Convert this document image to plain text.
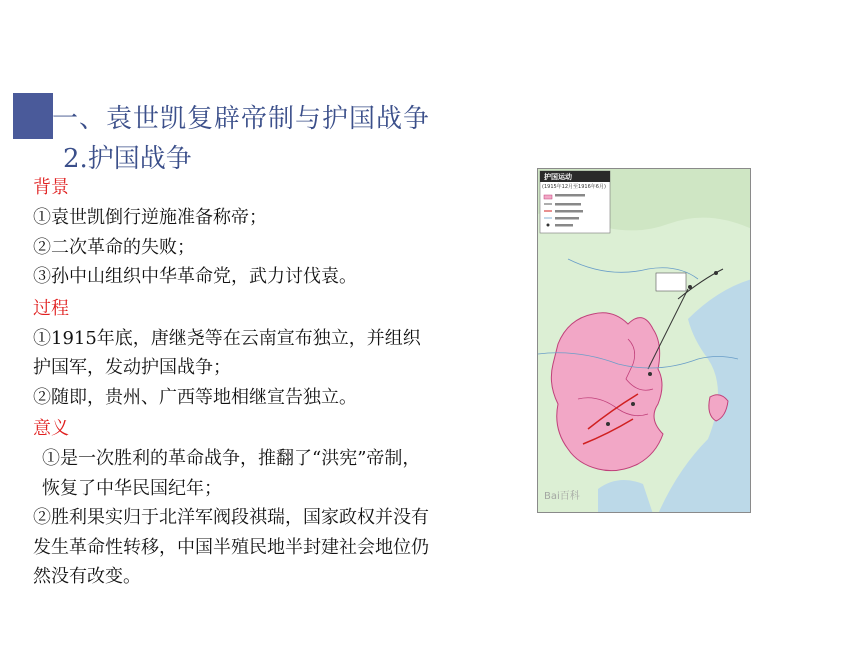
一、袁世凯复辟帝制与护国战争
2.护国战争

背景

①袁世凯倒行逆施准备称帝；

②二次革命的失败；

③孙中山组织中华革命党，武力讨伐袁。

过程

①1915年底，唐继尧等在云南宣布独立，并组织护国军，发动护国战争；

②随即，贵州、广西等地相继宣告独立。

意义

①是一次胜利的革命战争，推翻了“洪宪”帝制，恢复了中华民国纪年；

②胜利果实归于北洋军阀段祺瑞，国家政权并没有发生革命性转移，中国半殖民地半封建社会地位仍然没有改变。

护国运动
(1915年12月至1916年6月)
Bai百科
